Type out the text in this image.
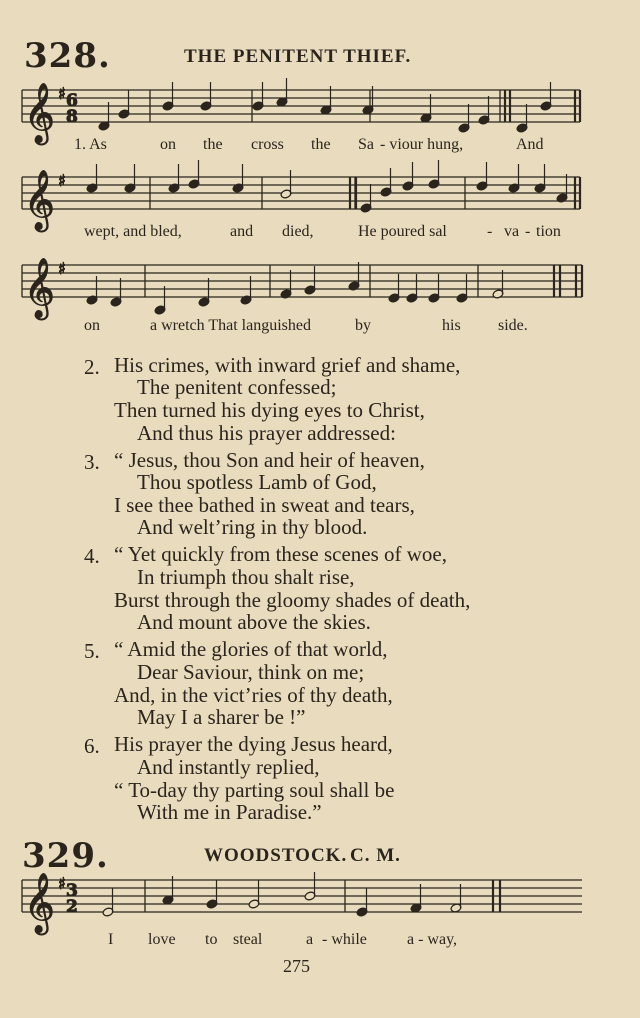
328.	THE PENITENT THIEF.
𝄞 ♯
𝄞 ♯
𝄞 ♯
𝄞 ♯
6
8
3
2
1. As	on the cross the Sa - viour hung,	And
wept, and bled,	and died,	He poured sal	- va - tion
on	a wretch That languished	by	his side.
2. His crimes, with inward grief and shame,
The penitent confessed;
Then turned his dying eyes to Christ,
And thus his prayer addressed:
3. “ Jesus, thou Son and heir of heaven,
Thou spotless Lamb of God,
I see thee bathed in sweat and tears,
And welt’ring in thy blood.
4. “ Yet quickly from these scenes of woe,
In triumph thou shalt rise,
Burst through the gloomy shades of death,
And mount above the skies.
5. “ Amid the glories of that world,
Dear Saviour, think on me;
And, in the vict’ries of thy death,
May I a sharer be !”
6. His prayer the dying Jesus heard,
And instantly replied,
“ To-day thy parting soul shall be
With me in Paradise.”
329.	WOODSTOCK. C. M.
I love to steal	a - while	a - way,
275
